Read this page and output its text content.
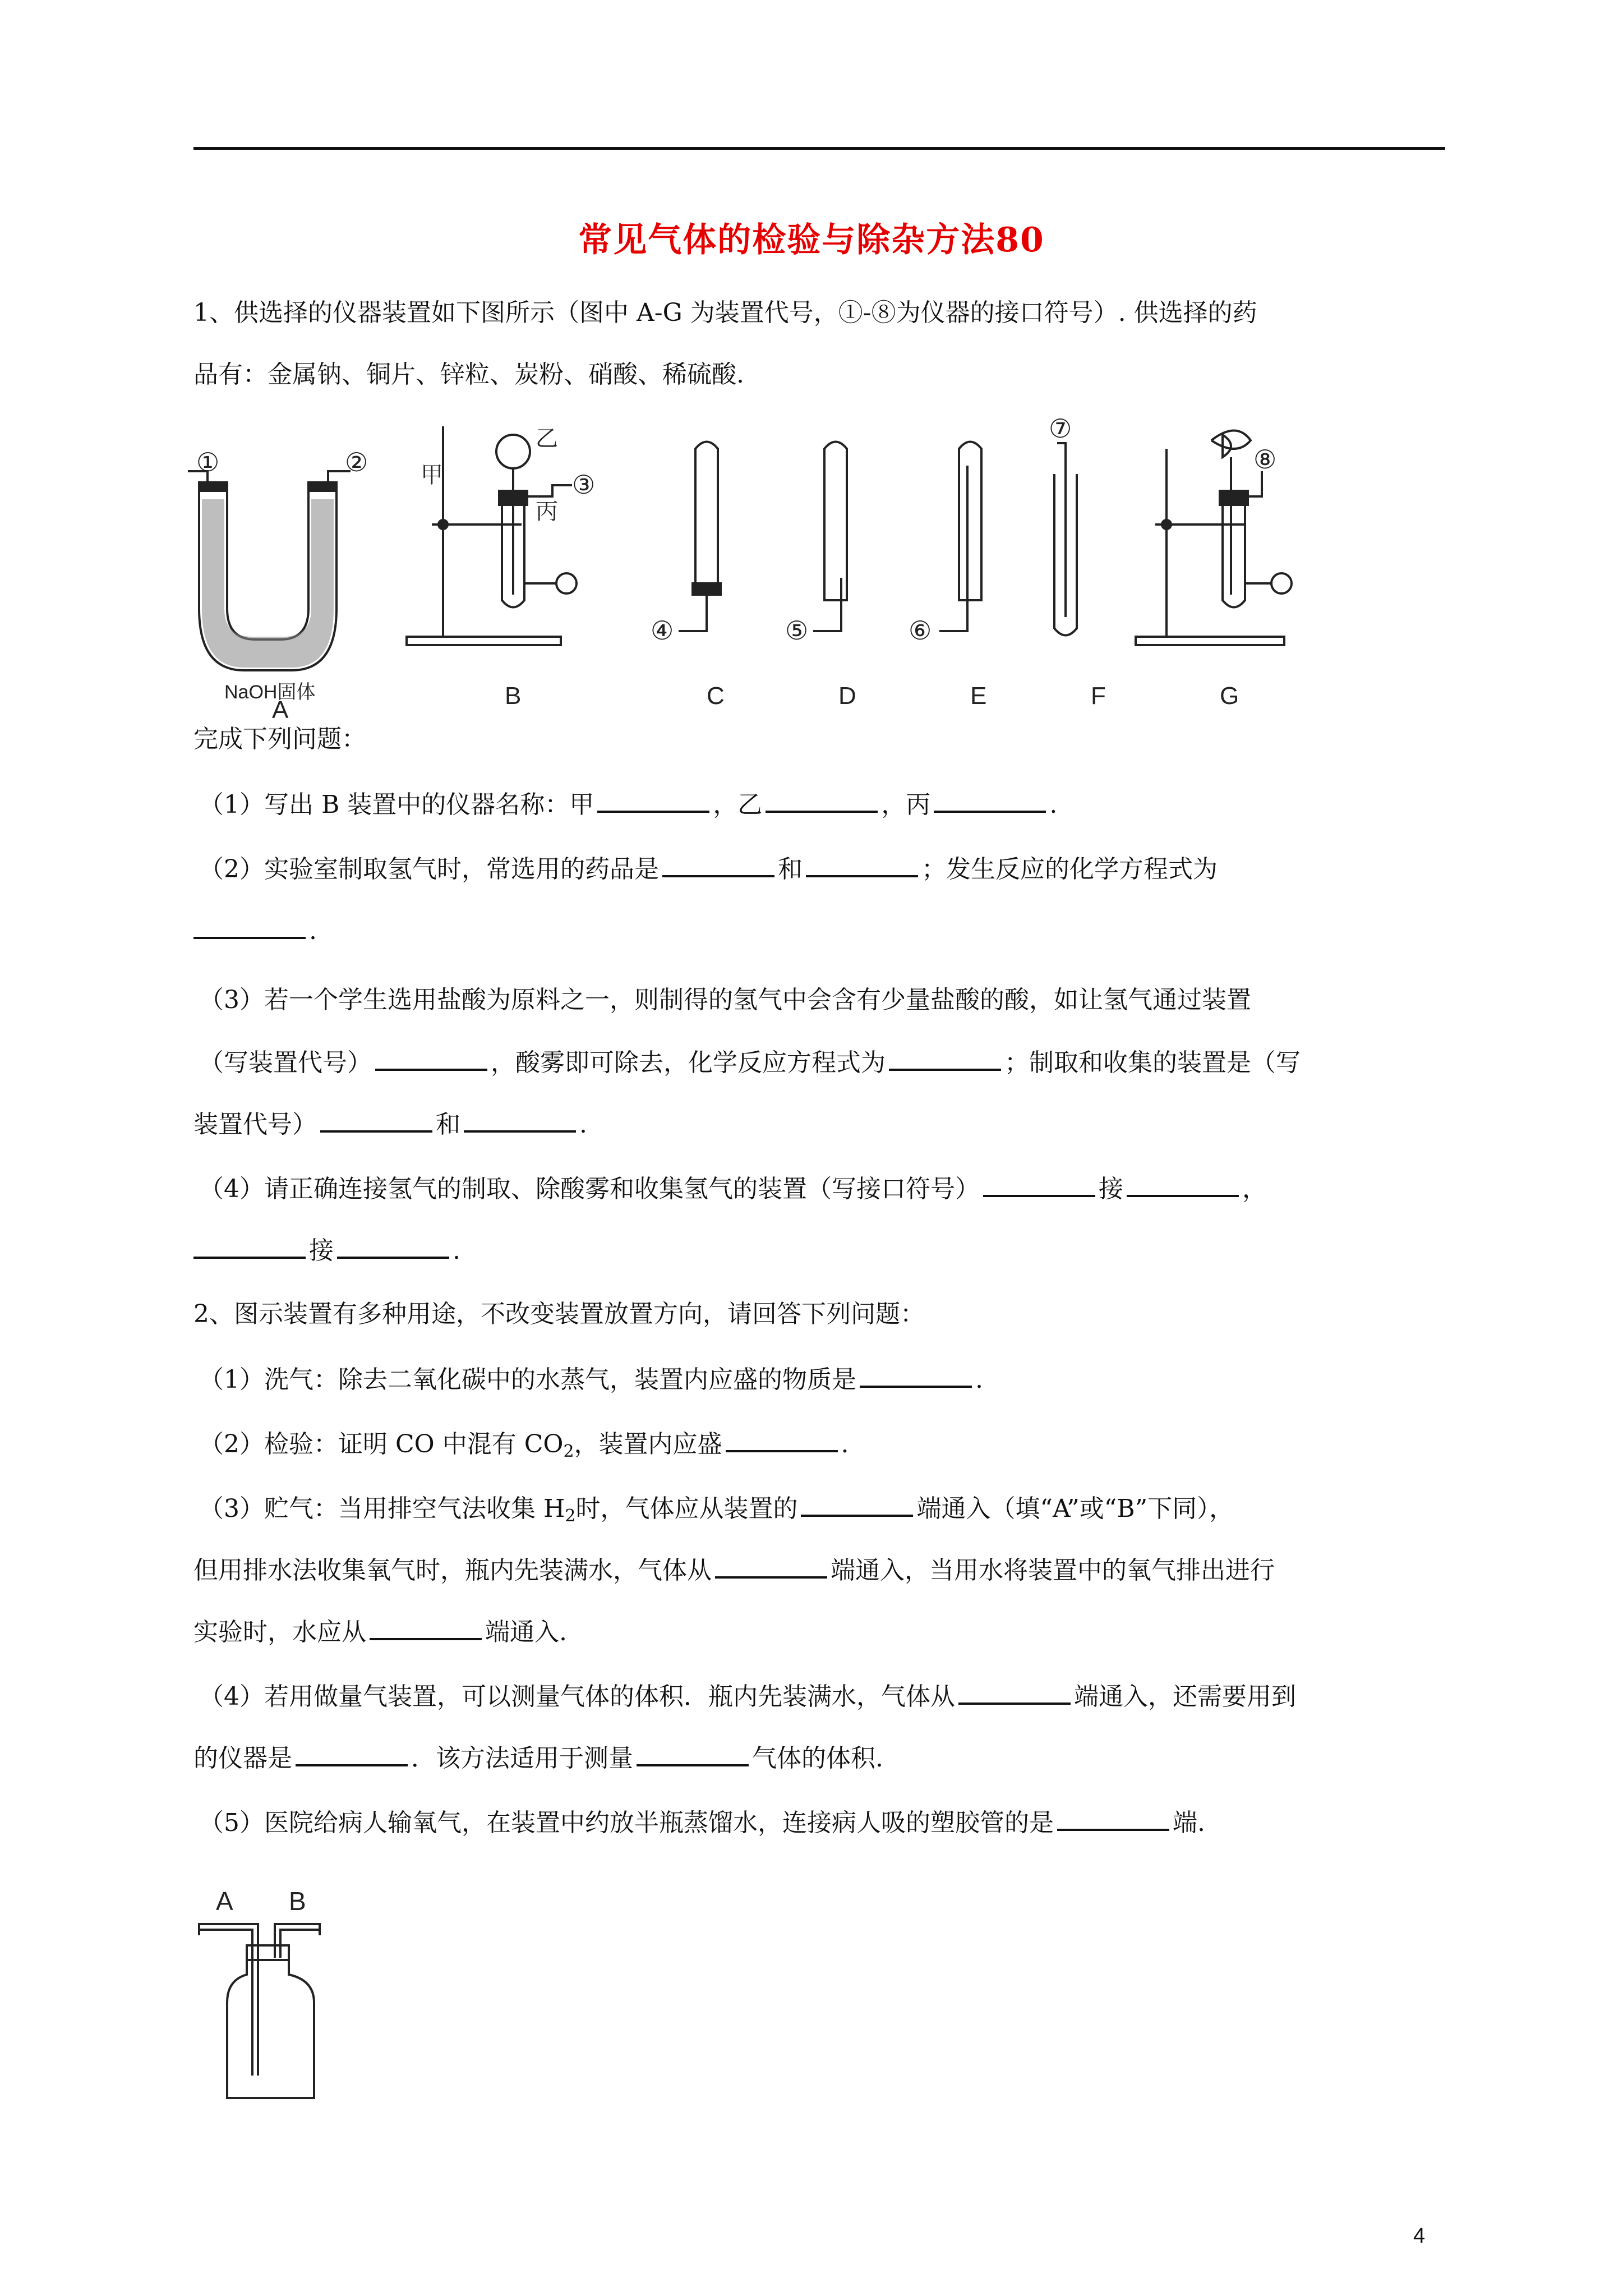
常见气体的检验与除杂方法80
1、供选择的仪器装置如下图所示（图中 A-G 为装置代号，①-⑧为仪器的接口符号）. 供选择的药
品有：金属钠、铜片、锌粒、炭粉、硝酸、稀硫酸.
①	②
NaOH固体
甲
乙
丙
③
④	⑤	⑥
⑦
⑧
A
B	C	D	E	F	G
完成下列问题：
（1）写出 B 装置中的仪器名称：甲	，乙	，丙	.
（2）实验室制取氢气时，常选用的药品是	和	；发生反应的化学方程式为
.
（3）若一个学生选用盐酸为原料之一，则制得的氢气中会含有少量盐酸的酸，如让氢气通过装置
（写装置代号）	，酸雾即可除去，化学反应方程式为	；制取和收集的装置是（写
装置代号）	和	.
（4）请正确连接氢气的制取、除酸雾和收集氢气的装置（写接口符号）	接	，
接	.
2、图示装置有多种用途，不改变装置放置方向，请回答下列问题：
（1）洗气：除去二氧化碳中的水蒸气，装置内应盛的物质是	.
（2）检验：证明 CO 中混有 $CO_2$，装置内应盛	.
（3）贮气：当用排空气法收集 $H_2$时，气体应从装置的	端通入（填“A”或“B”下同），
但用排水法收集氧气时，瓶内先装满水，气体从	端通入，当用水将装置中的氧气排出进行
实验时，水应从	端通入.
（4）若用做量气装置，可以测量气体的体积．瓶内先装满水，气体从	端通入，还需要用到
的仪器是	．该方法适用于测量	气体的体积.
（5）医院给病人输氧气，在装置中约放半瓶蒸馏水，连接病人吸的塑胶管的是	端.
A B
4
